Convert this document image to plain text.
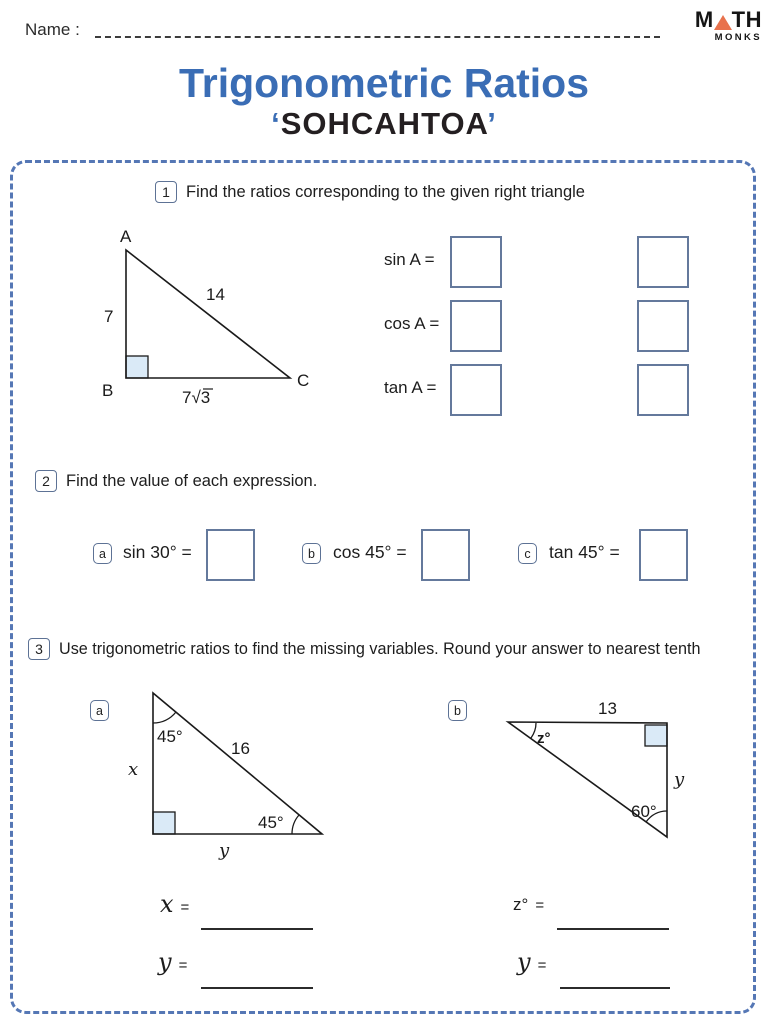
Name :	M TH
MONKS
Trigonometric Ratios
‘SOHCAHTOA’
1 Find the ratios corresponding to the given right triangle
A
B
C
7
14
7√3
sin A =
cos A =
tan A =
2 Find the value of each expression.
a sin 30° =	b cos 45° =	c tan 45° =
3 Use trigonometric ratios to find the missing variables. Round your answer to nearest tenth
a
45°
16
45°
x
y
b	13
z°
y
60°
x =
y =
z° =
y =
